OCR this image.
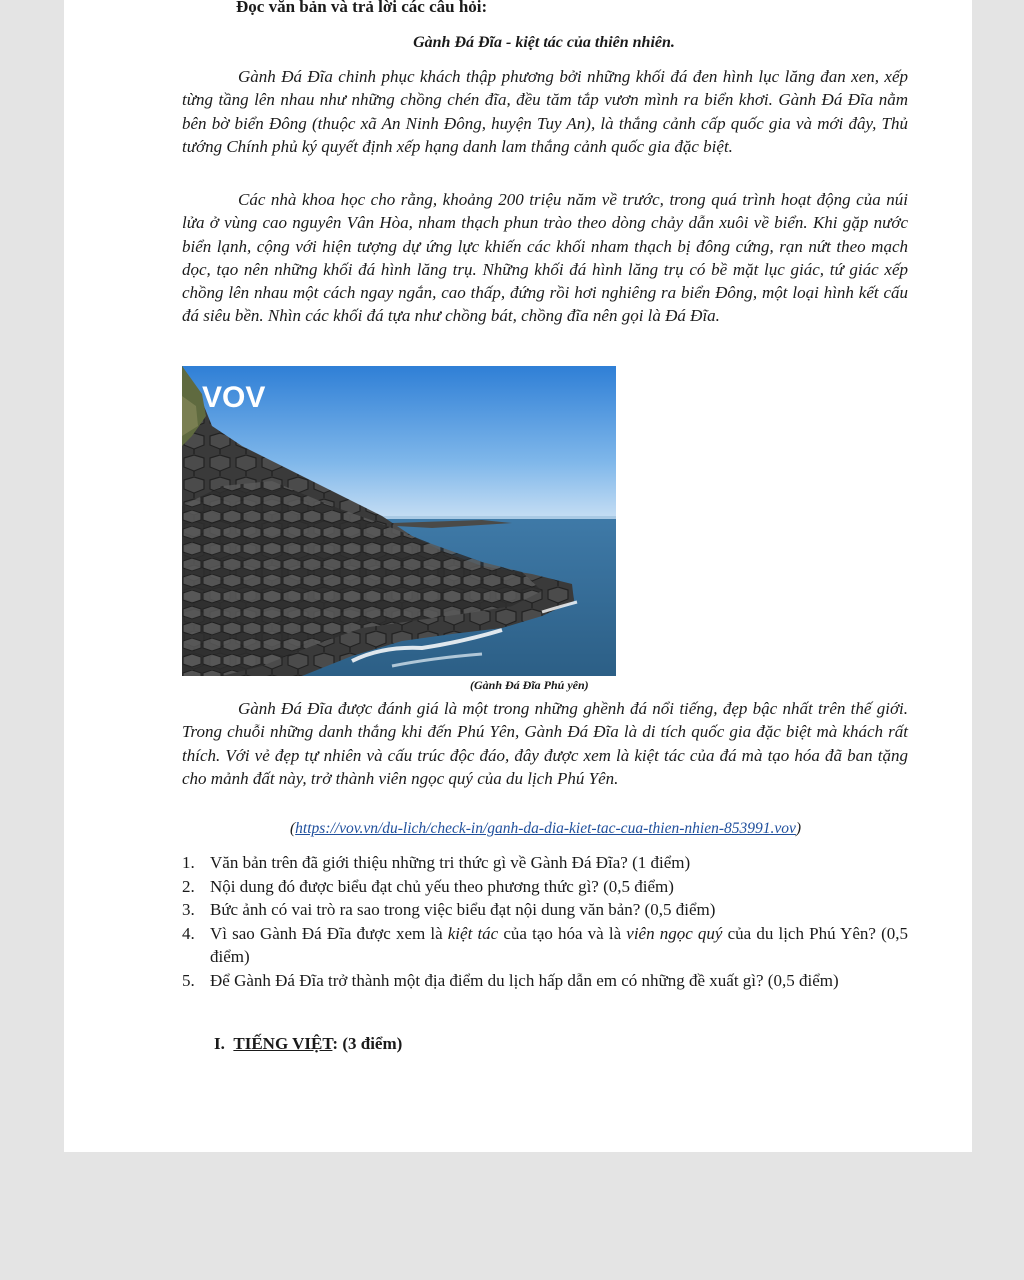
Đọc văn bản và trả lời các câu hỏi:
Gành Đá Đĩa - kiệt tác của thiên nhiên.

Gành Đá Đĩa chinh phục khách thập phương bởi những khối đá đen hình lục lăng đan xen, xếp từng tầng lên nhau như những chồng chén đĩa, đều tăm tắp vươn mình ra biển khơi. Gành Đá Đĩa nằm bên bờ biển Đông (thuộc xã An Ninh Đông, huyện Tuy An), là thắng cảnh cấp quốc gia và mới đây, Thủ tướng Chính phủ ký quyết định xếp hạng danh lam thắng cảnh quốc gia đặc biệt.

Các nhà khoa học cho rằng, khoảng 200 triệu năm về trước, trong quá trình hoạt động của núi lửa ở vùng cao nguyên Vân Hòa, nham thạch phun trào theo dòng chảy dẫn xuôi về biển. Khi gặp nước biển lạnh, cộng với hiện tượng dự ứng lực khiến các khối nham thạch bị đông cứng, rạn nứt theo mạch dọc, tạo nên những khối đá hình lăng trụ. Những khối đá hình lăng trụ có bề mặt lục giác, tứ giác xếp chồng lên nhau một cách ngay ngắn, cao thấp, đứng rồi hơi nghiêng ra biển Đông, một loại hình kết cấu đá siêu bền. Nhìn các khối đá tựa như chồng bát, chồng đĩa nên gọi là Đá Đĩa.

VOV
(Gành Đá Đĩa Phú yên)

Gành Đá Đĩa được đánh giá là một trong những ghềnh đá nổi tiếng, đẹp bậc nhất trên thế giới. Trong chuỗi những danh thắng khi đến Phú Yên, Gành Đá Đĩa là di tích quốc gia đặc biệt mà khách rất thích. Với vẻ đẹp tự nhiên và cấu trúc độc đáo, đây được xem là kiệt tác của đá mà tạo hóa đã ban tặng cho mảnh đất này, trở thành viên ngọc quý của du lịch Phú Yên.

(https://vov.vn/du-lich/check-in/ganh-da-dia-kiet-tac-cua-thien-nhien-853991.vov)
1. Văn bản trên đã giới thiệu những tri thức gì về Gành Đá Đĩa? (1 điểm)
2. Nội dung đó được biểu đạt chủ yếu theo phương thức gì? (0,5 điểm)
3. Bức ảnh có vai trò ra sao trong việc biểu đạt nội dung văn bản? (0,5 điểm)
4. Vì sao Gành Đá Đĩa được xem là kiệt tác của tạo hóa và là viên ngọc quý của du lịch Phú Yên? (0,5 điểm)
5. Để Gành Đá Đĩa trở thành một địa điểm du lịch hấp dẫn em có những đề xuất gì? (0,5 điểm)
I. TIẾNG VIỆT: (3 điểm)
